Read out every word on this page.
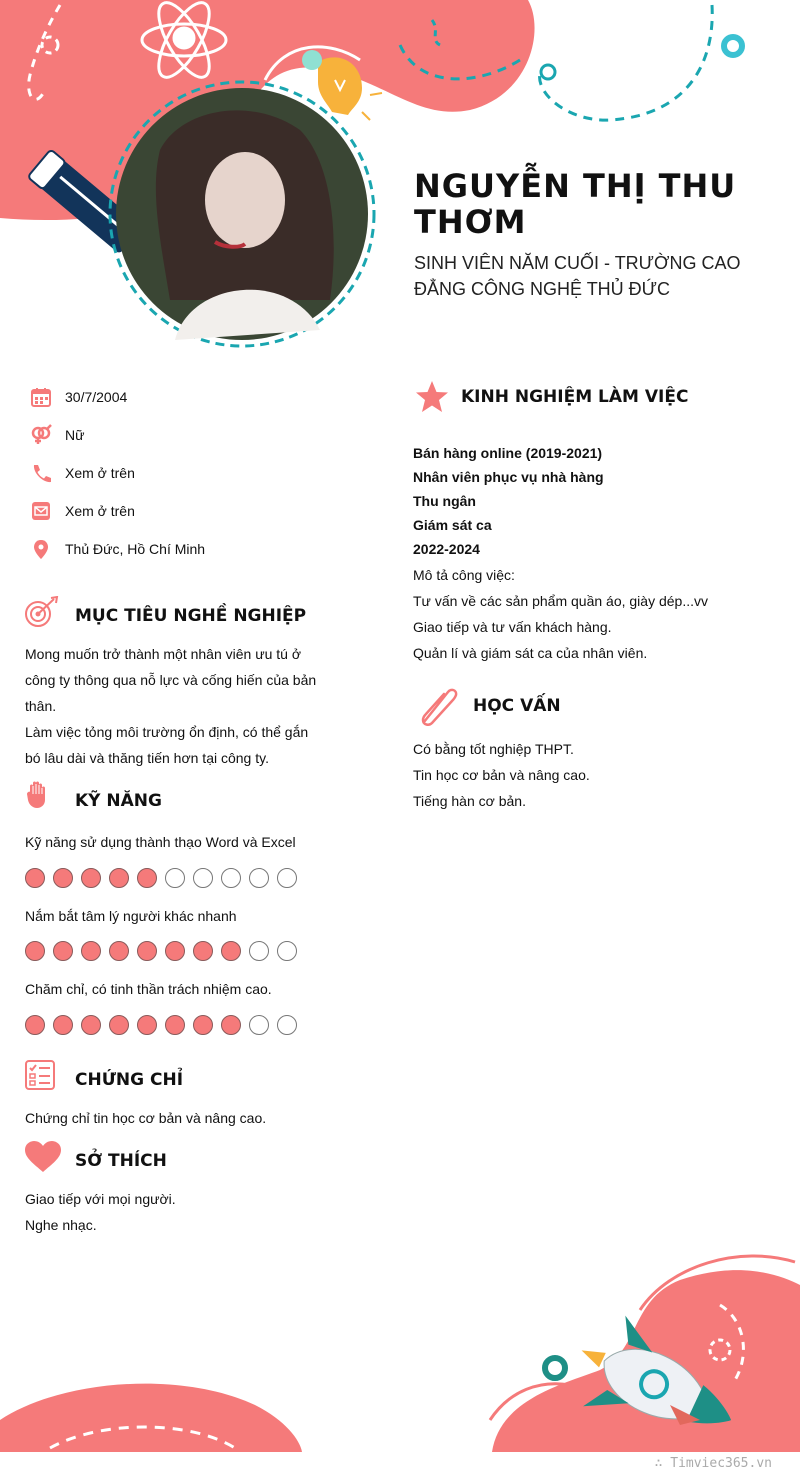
NGUYỄN THỊ THU THƠM
SINH VIÊN NĂM CUỐI - TRƯỜNG CAO ĐẲNG CÔNG NGHỆ THỦ ĐỨC
30/7/2004
Nữ
Xem ở trên
Xem ở trên
Thủ Đức, Hồ Chí Minh
MỤC TIÊU NGHỀ NGHIỆP

Mong muốn trở thành một nhân viên ưu tú ở

công ty thông qua nỗ lực và cống hiến của bản

thân.

Làm việc tỏng môi trường ổn định, có thể gắn

bó lâu dài và thăng tiến hơn tại công ty.

KỸ NĂNG
Kỹ năng sử dụng thành thạo Word và Excel
Nắm bắt tâm lý người khác nhanh
Chăm chỉ, có tinh thần trách nhiệm cao.
CHỨNG CHỈ
Chứng chỉ tin học cơ bản và nâng cao.
SỞ THÍCH

Giao tiếp với mọi người.

Nghe nhạc.

KINH NGHIỆM LÀM VIỆC

Bán hàng online (2019-2021)

Nhân viên phục vụ nhà hàng

Thu ngân

Giám sát ca

2022-2024

Mô tả công việc:

Tư vấn về các sản phẩm quần áo, giày dép...vv

Giao tiếp và tư vấn khách hàng.

Quản lí và giám sát ca của nhân viên.

HỌC VẤN

Có bằng tốt nghiệp THPT.

Tin học cơ bản và nâng cao.

Tiếng hàn cơ bản.

∴ Timviec365.vn
